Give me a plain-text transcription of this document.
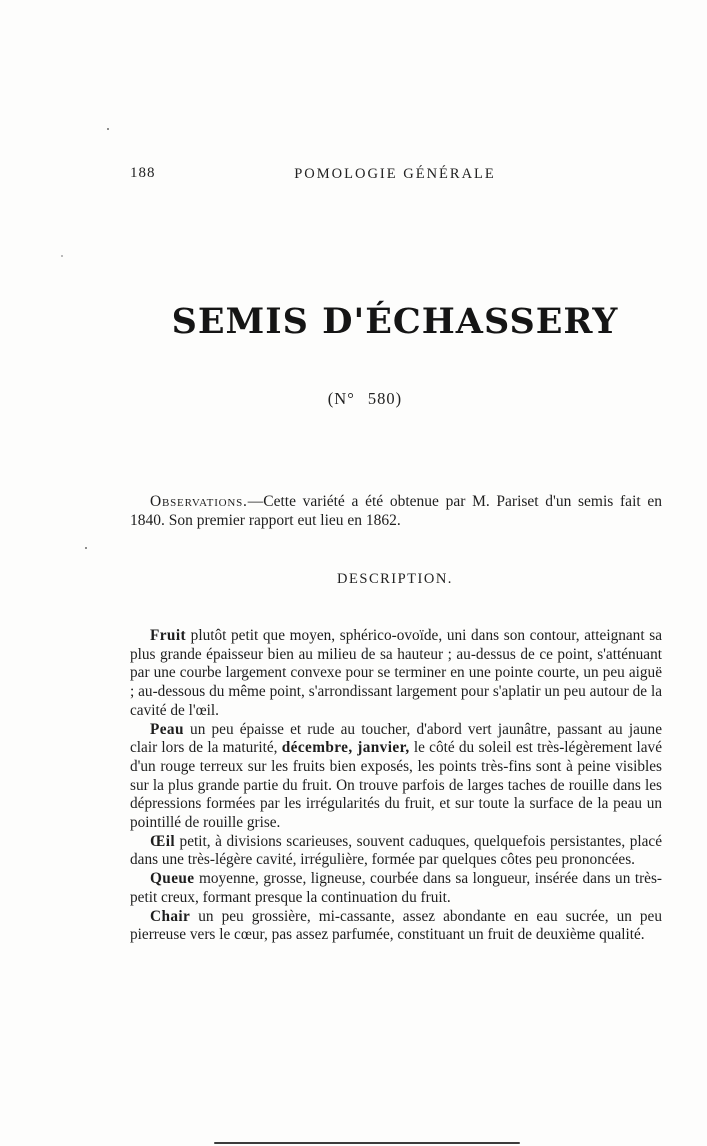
188	POMOLOGIE GÉNÉRALE
SEMIS D'ÉCHASSERY
(N° 580)

Observations.—Cette variété a été obtenue par M. Pariset d'un semis fait en 1840. Son premier rapport eut lieu en 1862.

DESCRIPTION.

Fruit plutôt petit que moyen, sphérico-ovoïde, uni dans son contour, atteignant sa plus grande épaisseur bien au milieu de sa hauteur ; au-dessus de ce point, s'atténuant par une courbe largement convexe pour se terminer en une pointe courte, un peu aiguë ; au-dessous du même point, s'arrondissant largement pour s'aplatir un peu autour de la cavité de l'œil.

Peau un peu épaisse et rude au toucher, d'abord vert jaunâtre, passant au jaune clair lors de la maturité, décembre, janvier, le côté du soleil est très-légèrement lavé d'un rouge terreux sur les fruits bien exposés, les points très-fins sont à peine visibles sur la plus grande partie du fruit. On trouve parfois de larges taches de rouille dans les dépressions formées par les irrégularités du fruit, et sur toute la surface de la peau un pointillé de rouille grise.

Œil petit, à divisions scarieuses, souvent caduques, quelquefois persistantes, placé dans une très-légère cavité, irrégulière, formée par quelques côtes peu prononcées.

Queue moyenne, grosse, ligneuse, courbée dans sa longueur, insérée dans un très-petit creux, formant presque la continuation du fruit.

Chair un peu grossière, mi-cassante, assez abondante en eau sucrée, un peu pierreuse vers le cœur, pas assez parfumée, constituant un fruit de deuxième qualité.
